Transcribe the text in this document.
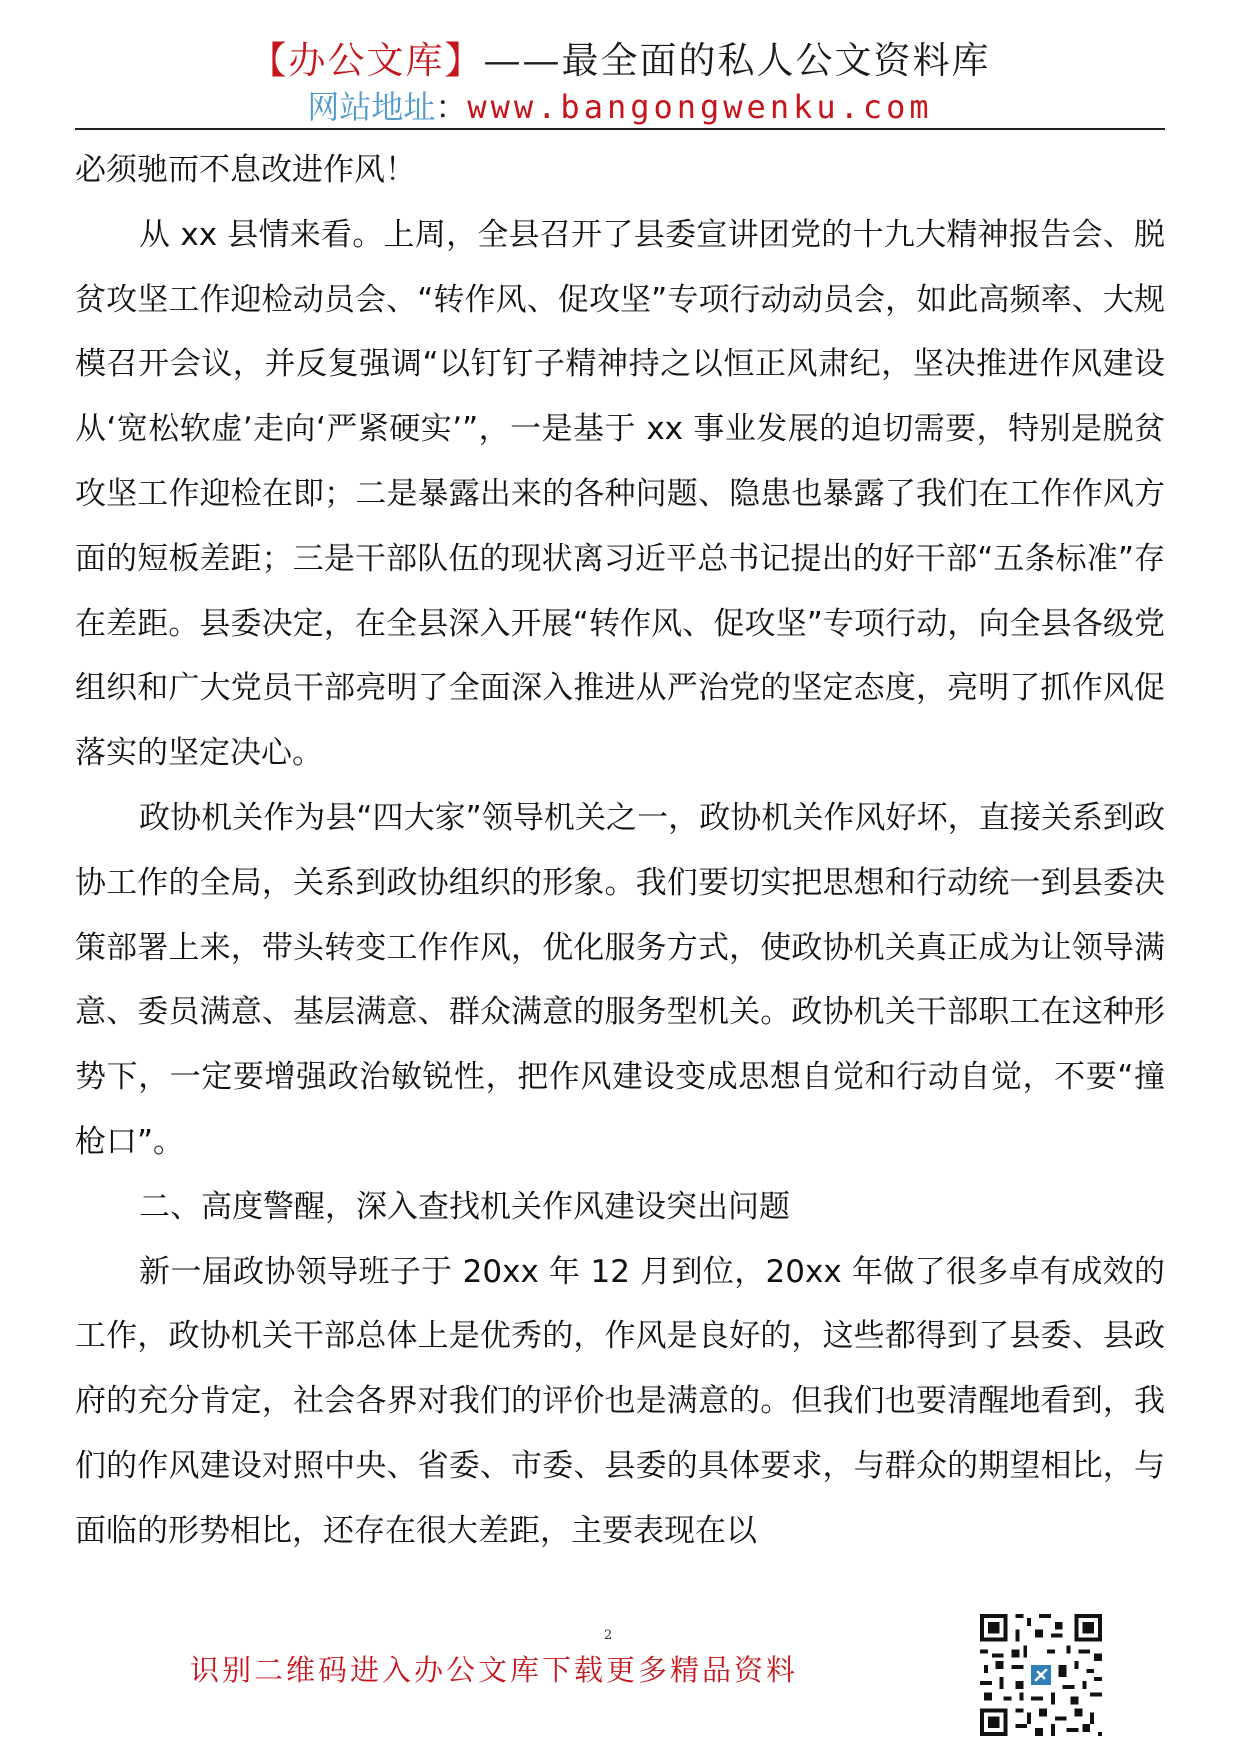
【办公文库】——最全面的私人公文资料库
网站地址：www.bangongwenku.com

必须驰而不息改进作风！

从 xx 县情来看。上周，全县召开了县委宣讲团党的十九大精神报告会、脱贫攻坚工作迎检动员会、“转作风、促攻坚”专项行动动员会，如此高频率、大规模召开会议，并反复强调“以钉钉子精神持之以恒正风肃纪，坚决推进作风建设从‘宽松软虚’走向‘严紧硬实’”，一是基于 xx 事业发展的迫切需要，特别是脱贫攻坚工作迎检在即；二是暴露出来的各种问题、隐患也暴露了我们在工作作风方面的短板差距；三是干部队伍的现状离习近平总书记提出的好干部“五条标准”存在差距。县委决定，在全县深入开展“转作风、促攻坚”专项行动，向全县各级党组织和广大党员干部亮明了全面深入推进从严治党的坚定态度，亮明了抓作风促落实的坚定决心。

政协机关作为县“四大家”领导机关之一，政协机关作风好坏，直接关系到政协工作的全局，关系到政协组织的形象。我们要切实把思想和行动统一到县委决策部署上来，带头转变工作作风，优化服务方式，使政协机关真正成为让领导满意、委员满意、基层满意、群众满意的服务型机关。政协机关干部职工在这种形势下，一定要增强政治敏锐性，把作风建设变成思想自觉和行动自觉，不要“撞枪口”。

二、高度警醒，深入查找机关作风建设突出问题

新一届政协领导班子于 20xx 年 12 月到位，20xx 年做了很多卓有成效的工作，政协机关干部总体上是优秀的，作风是良好的，这些都得到了县委、县政府的充分肯定，社会各界对我们的评价也是满意的。但我们也要清醒地看到，我们的作风建设对照中央、省委、市委、县委的具体要求，与群众的期望相比，与面临的形势相比，还存在很大差距，主要表现在以

2
识别二维码进入办公文库下载更多精品资料
